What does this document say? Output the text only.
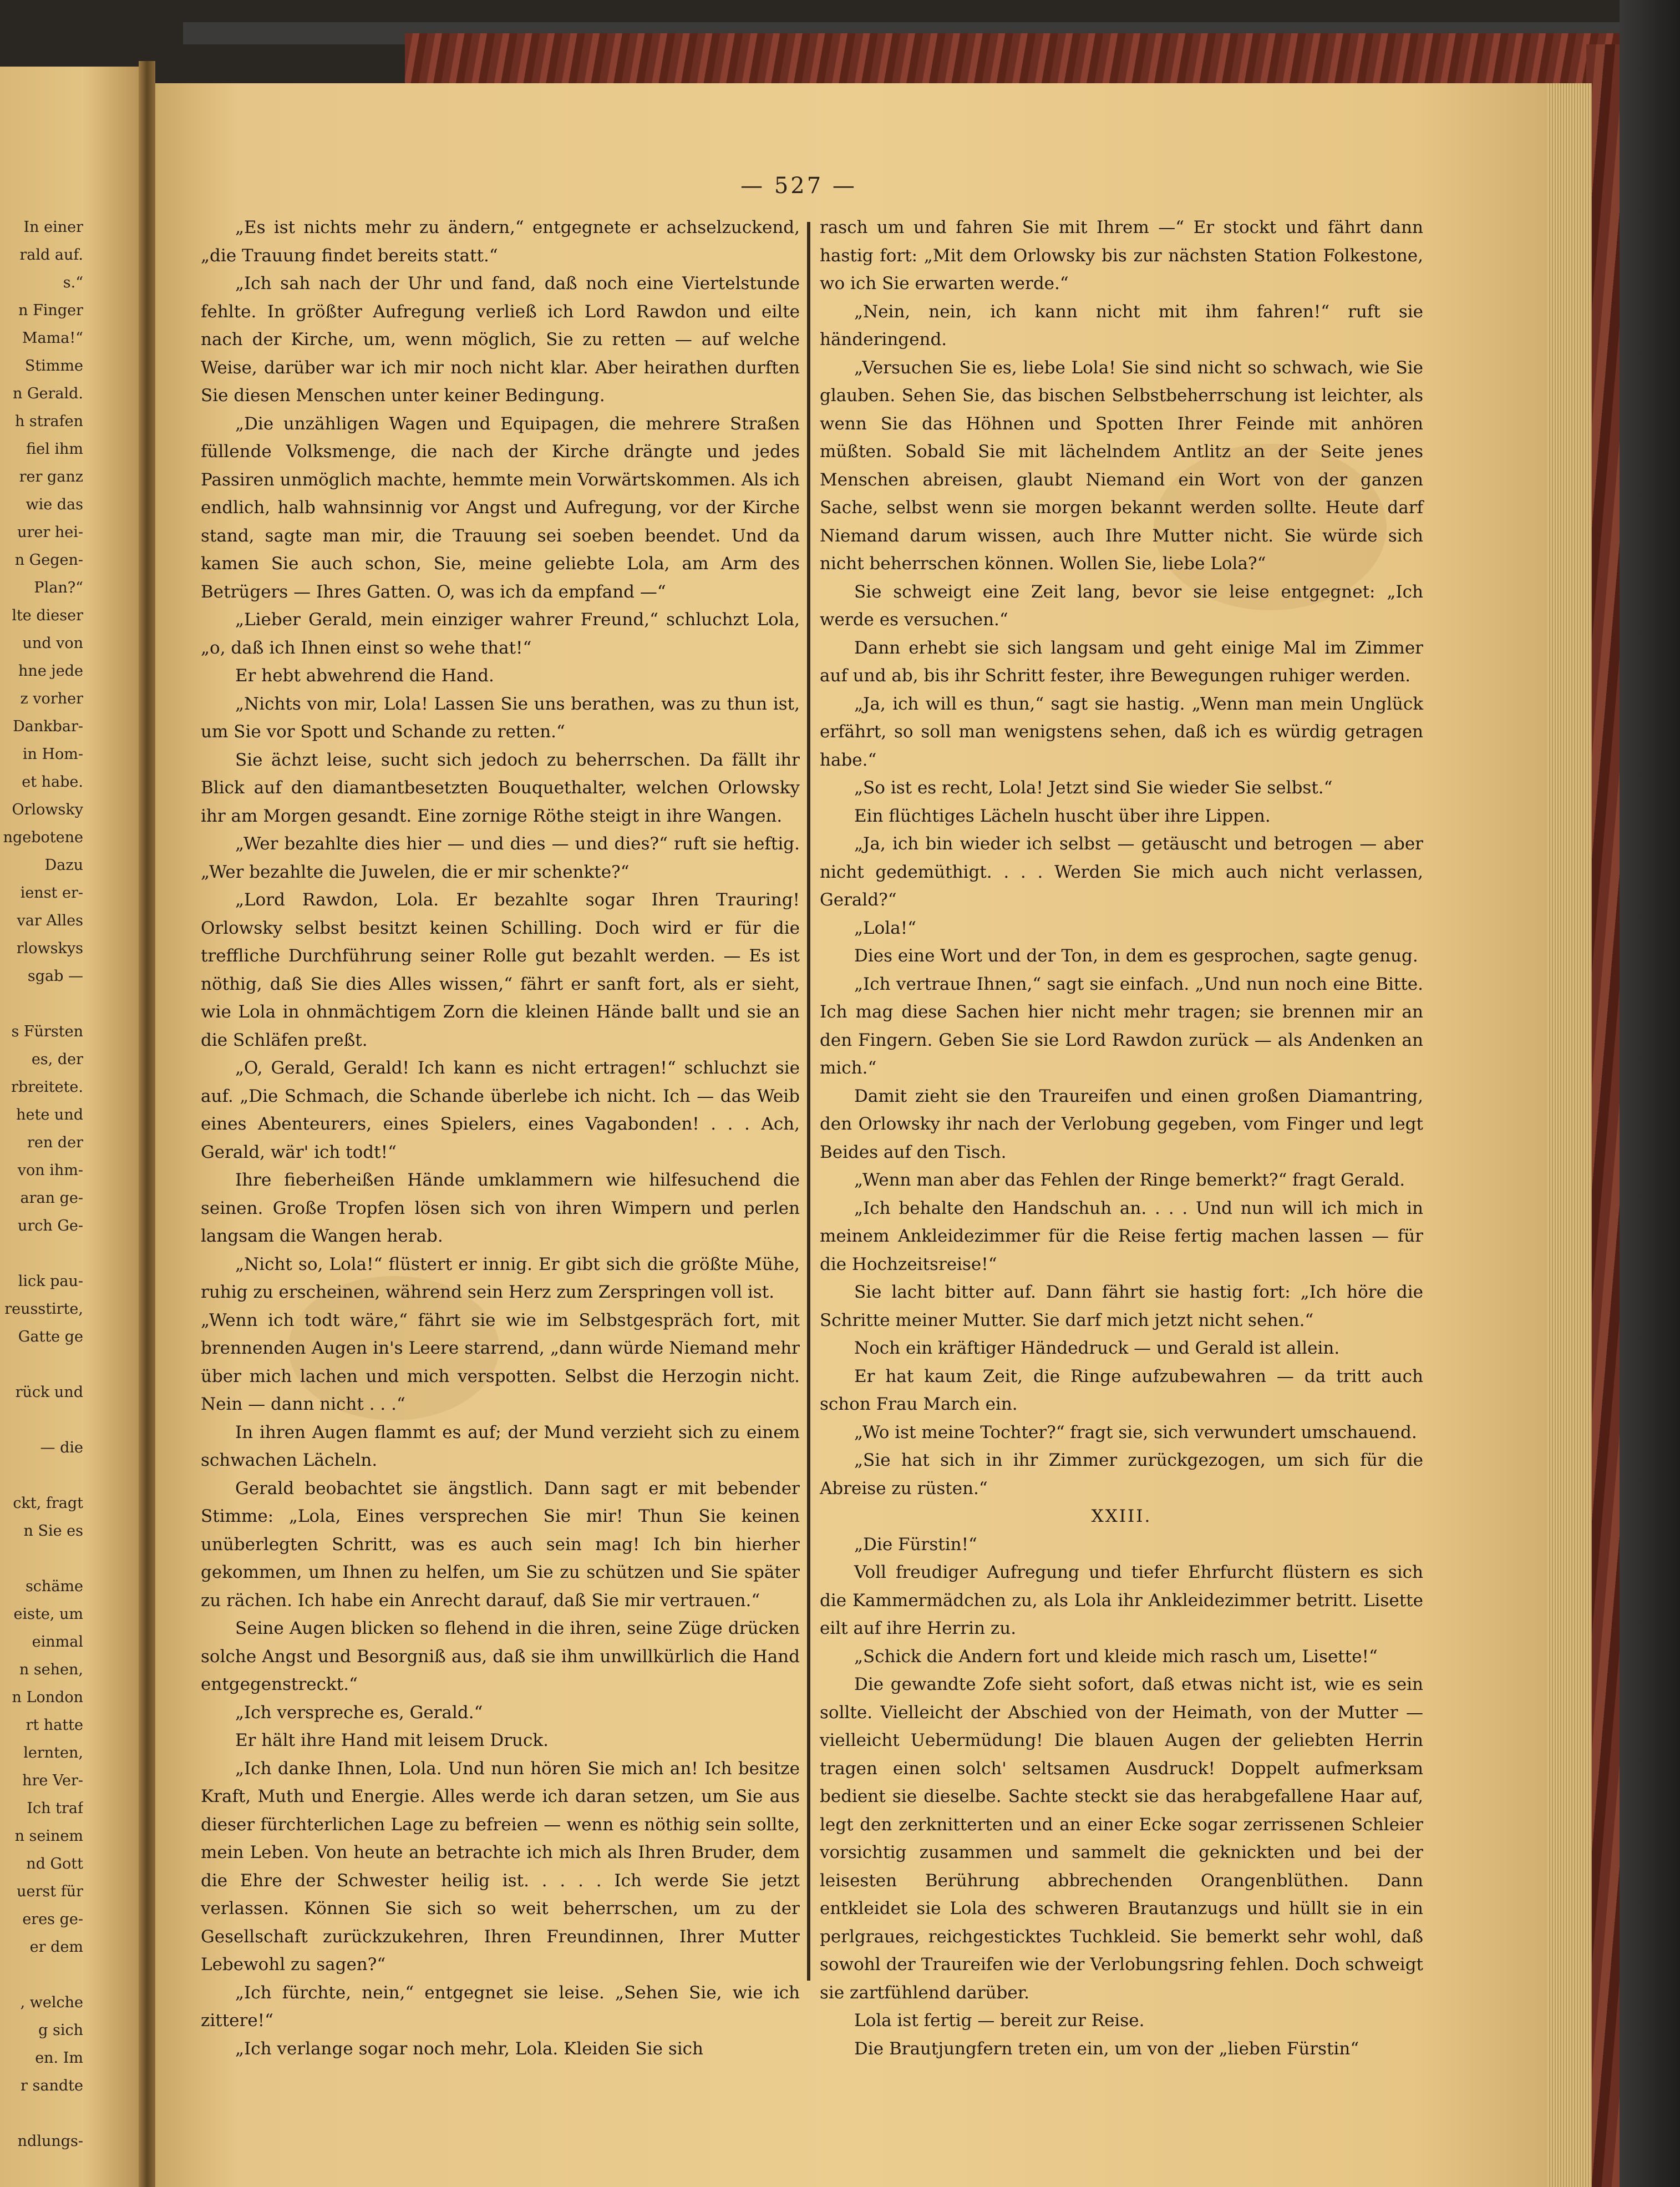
In einer
rald auf.
s.“
n Finger
Mama!“
Stimme
n Gerald.
h strafen
fiel ihm
rer ganz
wie das
urer hei-
n Gegen-
Plan?“
lte dieser
und von
hne jede
z vorher
Dankbar-
in Hom-
et habe.
Orlowsky
ngebotene
Dazu
ienst er-
var Alles
rlowskys
sgab —
s Fürsten
es, der
rbreitete.
hete und
ren der
von ihm-
aran ge-
urch Ge-
lick pau-
reusstirte,
Gatte ge
rück und
— die
ckt, fragt
n Sie es
schäme
eiste, um
einmal
n sehen,
n London
rt hatte
lernten,
hre Ver-
Ich traf
n seinem
nd Gott
uerst für
eres ge-
er dem
, welche
g sich
en. Im
r sandte
ndlungs-
— 527 —

„Es ist nichts mehr zu ändern,“ entgegnete er achselzuckend, „die Trauung findet bereits statt.“

„Ich sah nach der Uhr und fand, daß noch eine Viertelstunde fehlte. In größter Aufregung verließ ich Lord Rawdon und eilte nach der Kirche, um, wenn möglich, Sie zu retten — auf welche Weise, darüber war ich mir noch nicht klar. Aber heirathen durften Sie diesen Menschen unter keiner Bedingung.

„Die unzähligen Wagen und Equipagen, die mehrere Straßen füllende Volksmenge, die nach der Kirche drängte und jedes Passiren unmöglich machte, hemmte mein Vorwärtskommen. Als ich endlich, halb wahnsinnig vor Angst und Aufregung, vor der Kirche stand, sagte man mir, die Trauung sei soeben beendet. Und da kamen Sie auch schon, Sie, meine geliebte Lola, am Arm des Betrügers — Ihres Gatten. O, was ich da empfand —“

„Lieber Gerald, mein einziger wahrer Freund,“ schluchzt Lola, „o, daß ich Ihnen einst so wehe that!“

Er hebt abwehrend die Hand.

„Nichts von mir, Lola! Lassen Sie uns berathen, was zu thun ist, um Sie vor Spott und Schande zu retten.“

Sie ächzt leise, sucht sich jedoch zu beherrschen. Da fällt ihr Blick auf den diamantbesetzten Bouquethalter, welchen Orlowsky ihr am Morgen gesandt. Eine zornige Röthe steigt in ihre Wangen.

„Wer bezahlte dies hier — und dies — und dies?“ ruft sie heftig. „Wer bezahlte die Juwelen, die er mir schenkte?“

„Lord Rawdon, Lola. Er bezahlte sogar Ihren Trauring! Orlowsky selbst besitzt keinen Schilling. Doch wird er für die treffliche Durchführung seiner Rolle gut bezahlt werden. — Es ist nöthig, daß Sie dies Alles wissen,“ fährt er sanft fort, als er sieht, wie Lola in ohnmächtigem Zorn die kleinen Hände ballt und sie an die Schläfen preßt.

„O, Gerald, Gerald! Ich kann es nicht ertragen!“ schluchzt sie auf. „Die Schmach, die Schande überlebe ich nicht. Ich — das Weib eines Abenteurers, eines Spielers, eines Vagabonden! . . . Ach, Gerald, wär' ich todt!“

Ihre fieberheißen Hände umklammern wie hilfesuchend die seinen. Große Tropfen lösen sich von ihren Wimpern und perlen langsam die Wangen herab.

„Nicht so, Lola!“ flüstert er innig. Er gibt sich die größte Mühe, ruhig zu erscheinen, während sein Herz zum Zerspringen voll ist.

„Wenn ich todt wäre,“ fährt sie wie im Selbstgespräch fort, mit brennenden Augen in's Leere starrend, „dann würde Niemand mehr über mich lachen und mich verspotten. Selbst die Herzogin nicht. Nein — dann nicht . . .“

In ihren Augen flammt es auf; der Mund verzieht sich zu einem schwachen Lächeln.

Gerald beobachtet sie ängstlich. Dann sagt er mit bebender Stimme: „Lola, Eines versprechen Sie mir! Thun Sie keinen unüberlegten Schritt, was es auch sein mag! Ich bin hierher gekommen, um Ihnen zu helfen, um Sie zu schützen und Sie später zu rächen. Ich habe ein Anrecht darauf, daß Sie mir vertrauen.“

Seine Augen blicken so flehend in die ihren, seine Züge drücken solche Angst und Besorgniß aus, daß sie ihm unwillkürlich die Hand entgegenstreckt.“

„Ich verspreche es, Gerald.“

Er hält ihre Hand mit leisem Druck.

„Ich danke Ihnen, Lola. Und nun hören Sie mich an! Ich besitze Kraft, Muth und Energie. Alles werde ich daran setzen, um Sie aus dieser fürchterlichen Lage zu befreien — wenn es nöthig sein sollte, mein Leben. Von heute an betrachte ich mich als Ihren Bruder, dem die Ehre der Schwester heilig ist. . . . . Ich werde Sie jetzt verlassen. Können Sie sich so weit beherrschen, um zu der Gesellschaft zurückzukehren, Ihren Freundinnen, Ihrer Mutter Lebewohl zu sagen?“

„Ich fürchte, nein,“ entgegnet sie leise. „Sehen Sie, wie ich zittere!“

„Ich verlange sogar noch mehr, Lola. Kleiden Sie sich

rasch um und fahren Sie mit Ihrem —“ Er stockt und fährt dann hastig fort: „Mit dem Orlowsky bis zur nächsten Station Folkestone, wo ich Sie erwarten werde.“

„Nein, nein, ich kann nicht mit ihm fahren!“ ruft sie händeringend.

„Versuchen Sie es, liebe Lola! Sie sind nicht so schwach, wie Sie glauben. Sehen Sie, das bischen Selbstbeherrschung ist leichter, als wenn Sie das Höhnen und Spotten Ihrer Feinde mit anhören müßten. Sobald Sie mit lächelndem Antlitz an der Seite jenes Menschen abreisen, glaubt Niemand ein Wort von der ganzen Sache, selbst wenn sie morgen bekannt werden sollte. Heute darf Niemand darum wissen, auch Ihre Mutter nicht. Sie würde sich nicht beherrschen können. Wollen Sie, liebe Lola?“

Sie schweigt eine Zeit lang, bevor sie leise entgegnet: „Ich werde es versuchen.“

Dann erhebt sie sich langsam und geht einige Mal im Zimmer auf und ab, bis ihr Schritt fester, ihre Bewegungen ruhiger werden.

„Ja, ich will es thun,“ sagt sie hastig. „Wenn man mein Unglück erfährt, so soll man wenigstens sehen, daß ich es würdig getragen habe.“

„So ist es recht, Lola! Jetzt sind Sie wieder Sie selbst.“

Ein flüchtiges Lächeln huscht über ihre Lippen.

„Ja, ich bin wieder ich selbst — getäuscht und betrogen — aber nicht gedemüthigt. . . . Werden Sie mich auch nicht verlassen, Gerald?“

„Lola!“

Dies eine Wort und der Ton, in dem es gesprochen, sagte genug.

„Ich vertraue Ihnen,“ sagt sie einfach. „Und nun noch eine Bitte. Ich mag diese Sachen hier nicht mehr tragen; sie brennen mir an den Fingern. Geben Sie sie Lord Rawdon zurück — als Andenken an mich.“

Damit zieht sie den Traureifen und einen großen Diamantring, den Orlowsky ihr nach der Verlobung gegeben, vom Finger und legt Beides auf den Tisch.

„Wenn man aber das Fehlen der Ringe bemerkt?“ fragt Gerald.

„Ich behalte den Handschuh an. . . . Und nun will ich mich in meinem Ankleidezimmer für die Reise fertig machen lassen — für die Hochzeitsreise!“

Sie lacht bitter auf. Dann fährt sie hastig fort: „Ich höre die Schritte meiner Mutter. Sie darf mich jetzt nicht sehen.“

Noch ein kräftiger Händedruck — und Gerald ist allein.

Er hat kaum Zeit, die Ringe aufzubewahren — da tritt auch schon Frau March ein.

„Wo ist meine Tochter?“ fragt sie, sich verwundert umschauend.

„Sie hat sich in ihr Zimmer zurückgezogen, um sich für die Abreise zu rüsten.“

XXIII.

„Die Fürstin!“

Voll freudiger Aufregung und tiefer Ehrfurcht flüstern es sich die Kammermädchen zu, als Lola ihr Ankleidezimmer betritt. Lisette eilt auf ihre Herrin zu.

„Schick die Andern fort und kleide mich rasch um, Lisette!“

Die gewandte Zofe sieht sofort, daß etwas nicht ist, wie es sein sollte. Vielleicht der Abschied von der Heimath, von der Mutter — vielleicht Uebermüdung! Die blauen Augen der geliebten Herrin tragen einen solch' seltsamen Ausdruck! Doppelt aufmerksam bedient sie dieselbe. Sachte steckt sie das herabgefallene Haar auf, legt den zerknitterten und an einer Ecke sogar zerrissenen Schleier vorsichtig zusammen und sammelt die geknickten und bei der leisesten Berührung abbrechenden Orangenblüthen. Dann entkleidet sie Lola des schweren Brautanzugs und hüllt sie in ein perlgraues, reichgesticktes Tuchkleid. Sie bemerkt sehr wohl, daß sowohl der Traureifen wie der Verlobungsring fehlen. Doch schweigt sie zartfühlend darüber.

Lola ist fertig — bereit zur Reise.

Die Brautjungfern treten ein, um von der „lieben Fürstin“
